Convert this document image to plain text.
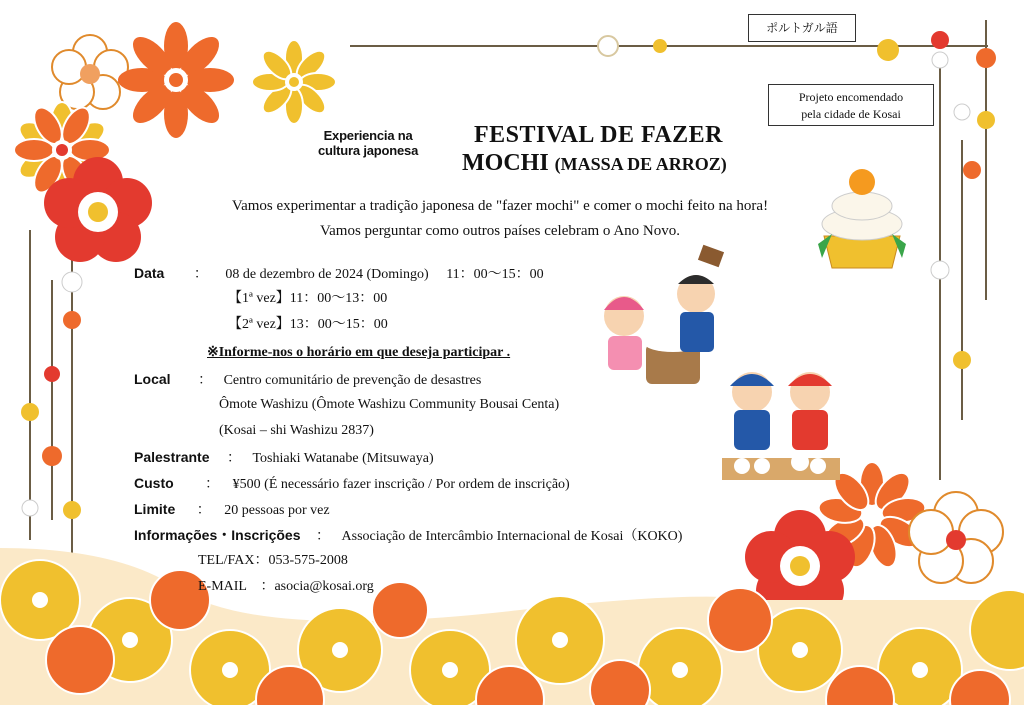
ポルトガル語
Projeto encomendado
pela cidade de Kosai
Experiencia na
cultura japonesa
FESTIVAL DE FAZER
MOCHI (MASSA DE ARROZ)
Vamos experimentar a tradição japonesa de "fazer mochi" e comer o mochi feito na hora!
Vamos perguntar como outros países celebram o Ano Novo.
Data ： 08 de dezembro de 2024 (Domingo)　 11：00～15：00
【1ª vez】11：00～13：00
【2ª vez】13：00～15：00
※Informe-nos o horário em que deseja participar .
Local ： Centro comunitário de prevenção de desastres
Ômote Washizu (Ômote Washizu Community Bousai Centa)
(Kosai – shi Washizu 2837)
Palestrante ： Toshiaki Watanabe (Mitsuwaya)
Custo ： ¥500 (É necessário fazer inscrição / Por ordem de inscrição)
Limite ： 20 pessoas por vez
Informações・Inscrições ： Associação de Intercâmbio Internacional de Kosai（KOKO)
TEL/FAX：053-575-2008
E-MAIL　：asocia@kosai.org
